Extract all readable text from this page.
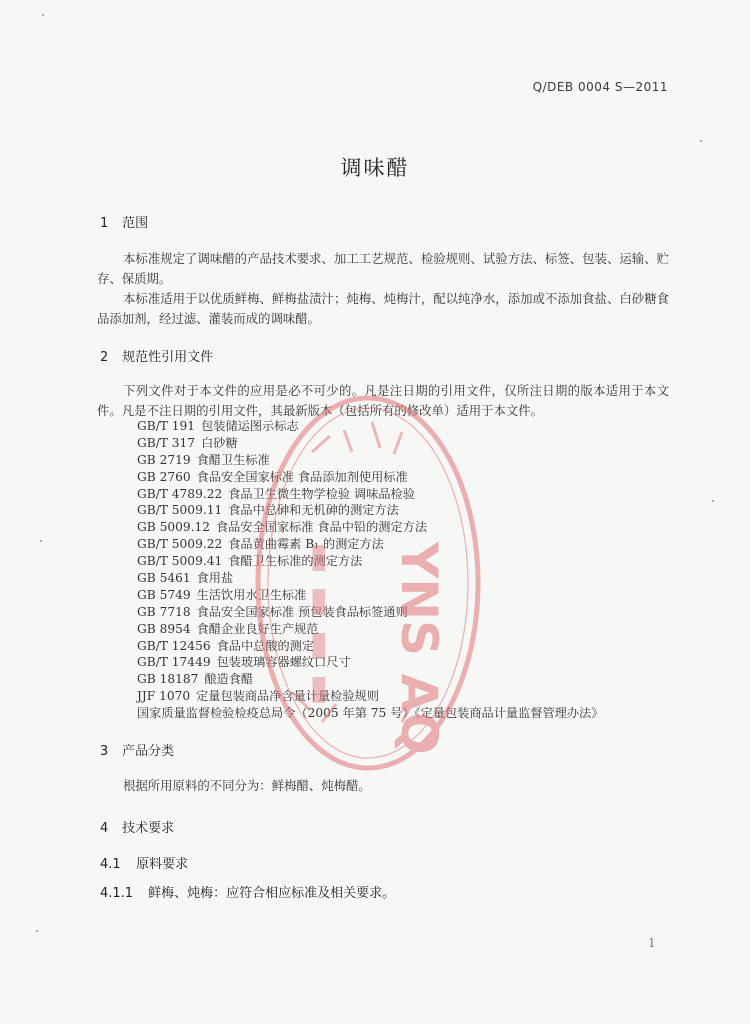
Q/DEB 0004 S—2011
调味醋
1 范围
本标准规定了调味醋的产品技术要求、加工工艺规范、检验规则、试验方法、标签、包装、运输、贮存、保质期。
本标准适用于以优质鲜梅、鲜梅盐渍汁；炖梅、炖梅汁，配以纯净水，添加或不添加食盐、白砂糖食品添加剂，经过滤、灌装而成的调味醋。
2 规范性引用文件
下列文件对于本文件的应用是必不可少的。凡是注日期的引用文件，仅所注日期的版本适用于本文件。凡是不注日期的引用文件，其最新版本（包括所有的修改单）适用于本文件。
GB/T 191 包装储运图示标志
GB/T 317 白砂糖
GB 2719 食醋卫生标准
GB 2760 食品安全国家标准 食品添加剂使用标准
GB/T 4789.22 食品卫生微生物学检验 调味品检验
GB/T 5009.11 食品中总砷和无机砷的测定方法
GB 5009.12 食品安全国家标准 食品中铅的测定方法
GB/T 5009.22 食品黄曲霉素 B₁ 的测定方法
GB/T 5009.41 食醋卫生标准的测定方法
GB 5461 食用盐
GB 5749 生活饮用水卫生标准
GB 7718 食品安全国家标准 预包装食品标签通则
GB 8954 食醋企业良好生产规范
GB/T 12456 食品中总酸的测定
GB/T 17449 包装玻璃容器螺纹口尺寸
GB 18187 酿造食醋
JJF 1070 定量包装商品净含量计量检验规则
国家质量监督检验检疫总局令（2005 年第 75 号）《定量包装商品计量监督管理办法》
3 产品分类
根据所用原料的不同分为：鲜梅醋、炖梅醋。
4 技术要求
4.1 原料要求
4.1.1 鲜梅、炖梅：应符合相应标准及相关要求。
YNS AQ
▬ ▬ ▬ ▬
1
